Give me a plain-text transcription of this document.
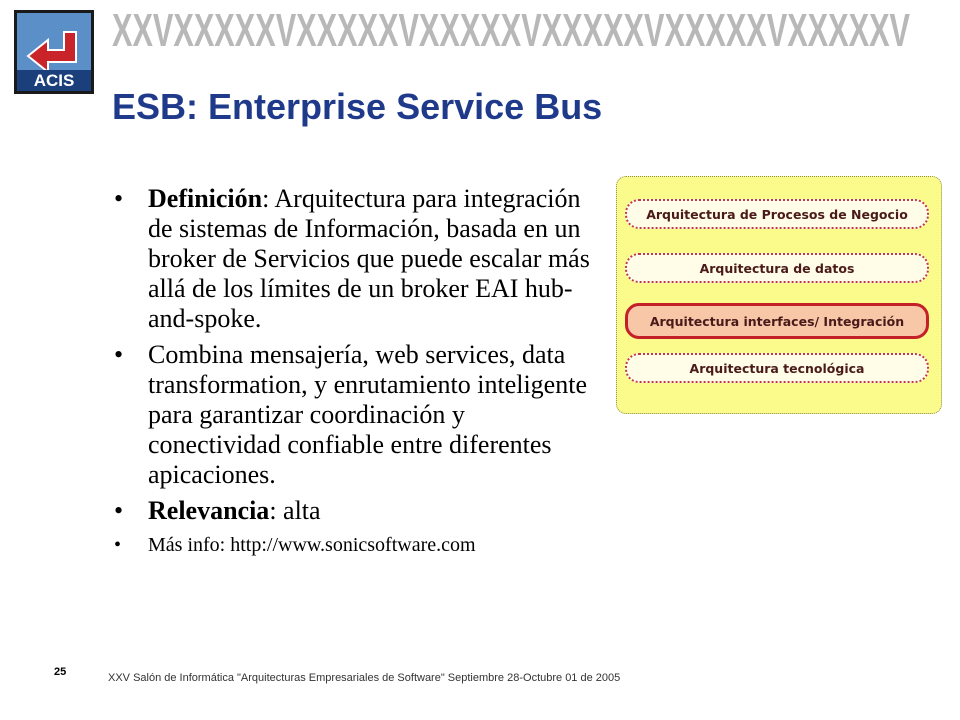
ACIS
XXVXXXXXVXXXXXVXXXXXVXXXXXVXXXXXVXXXXXV
ESB: Enterprise Service Bus
• Definición: Arquitectura para integración de sistemas de Información, basada en un broker de Servicios que puede escalar más allá de los límites de un broker EAI hub-and-spoke.
• Combina mensajería, web services, data transformation, y enrutamiento inteligente para garantizar coordinación y conectividad confiable entre diferentes apicaciones.
• Relevancia: alta
• Más info: http://www.sonicsoftware.com
Arquitectura de Procesos de Negocio
Arquitectura de datos
Arquitectura interfaces/ Integración
Arquitectura tecnológica
25	XXV Salón de Informática "Arquitecturas Empresariales de Software" Septiembre 28-Octubre 01 de 2005
